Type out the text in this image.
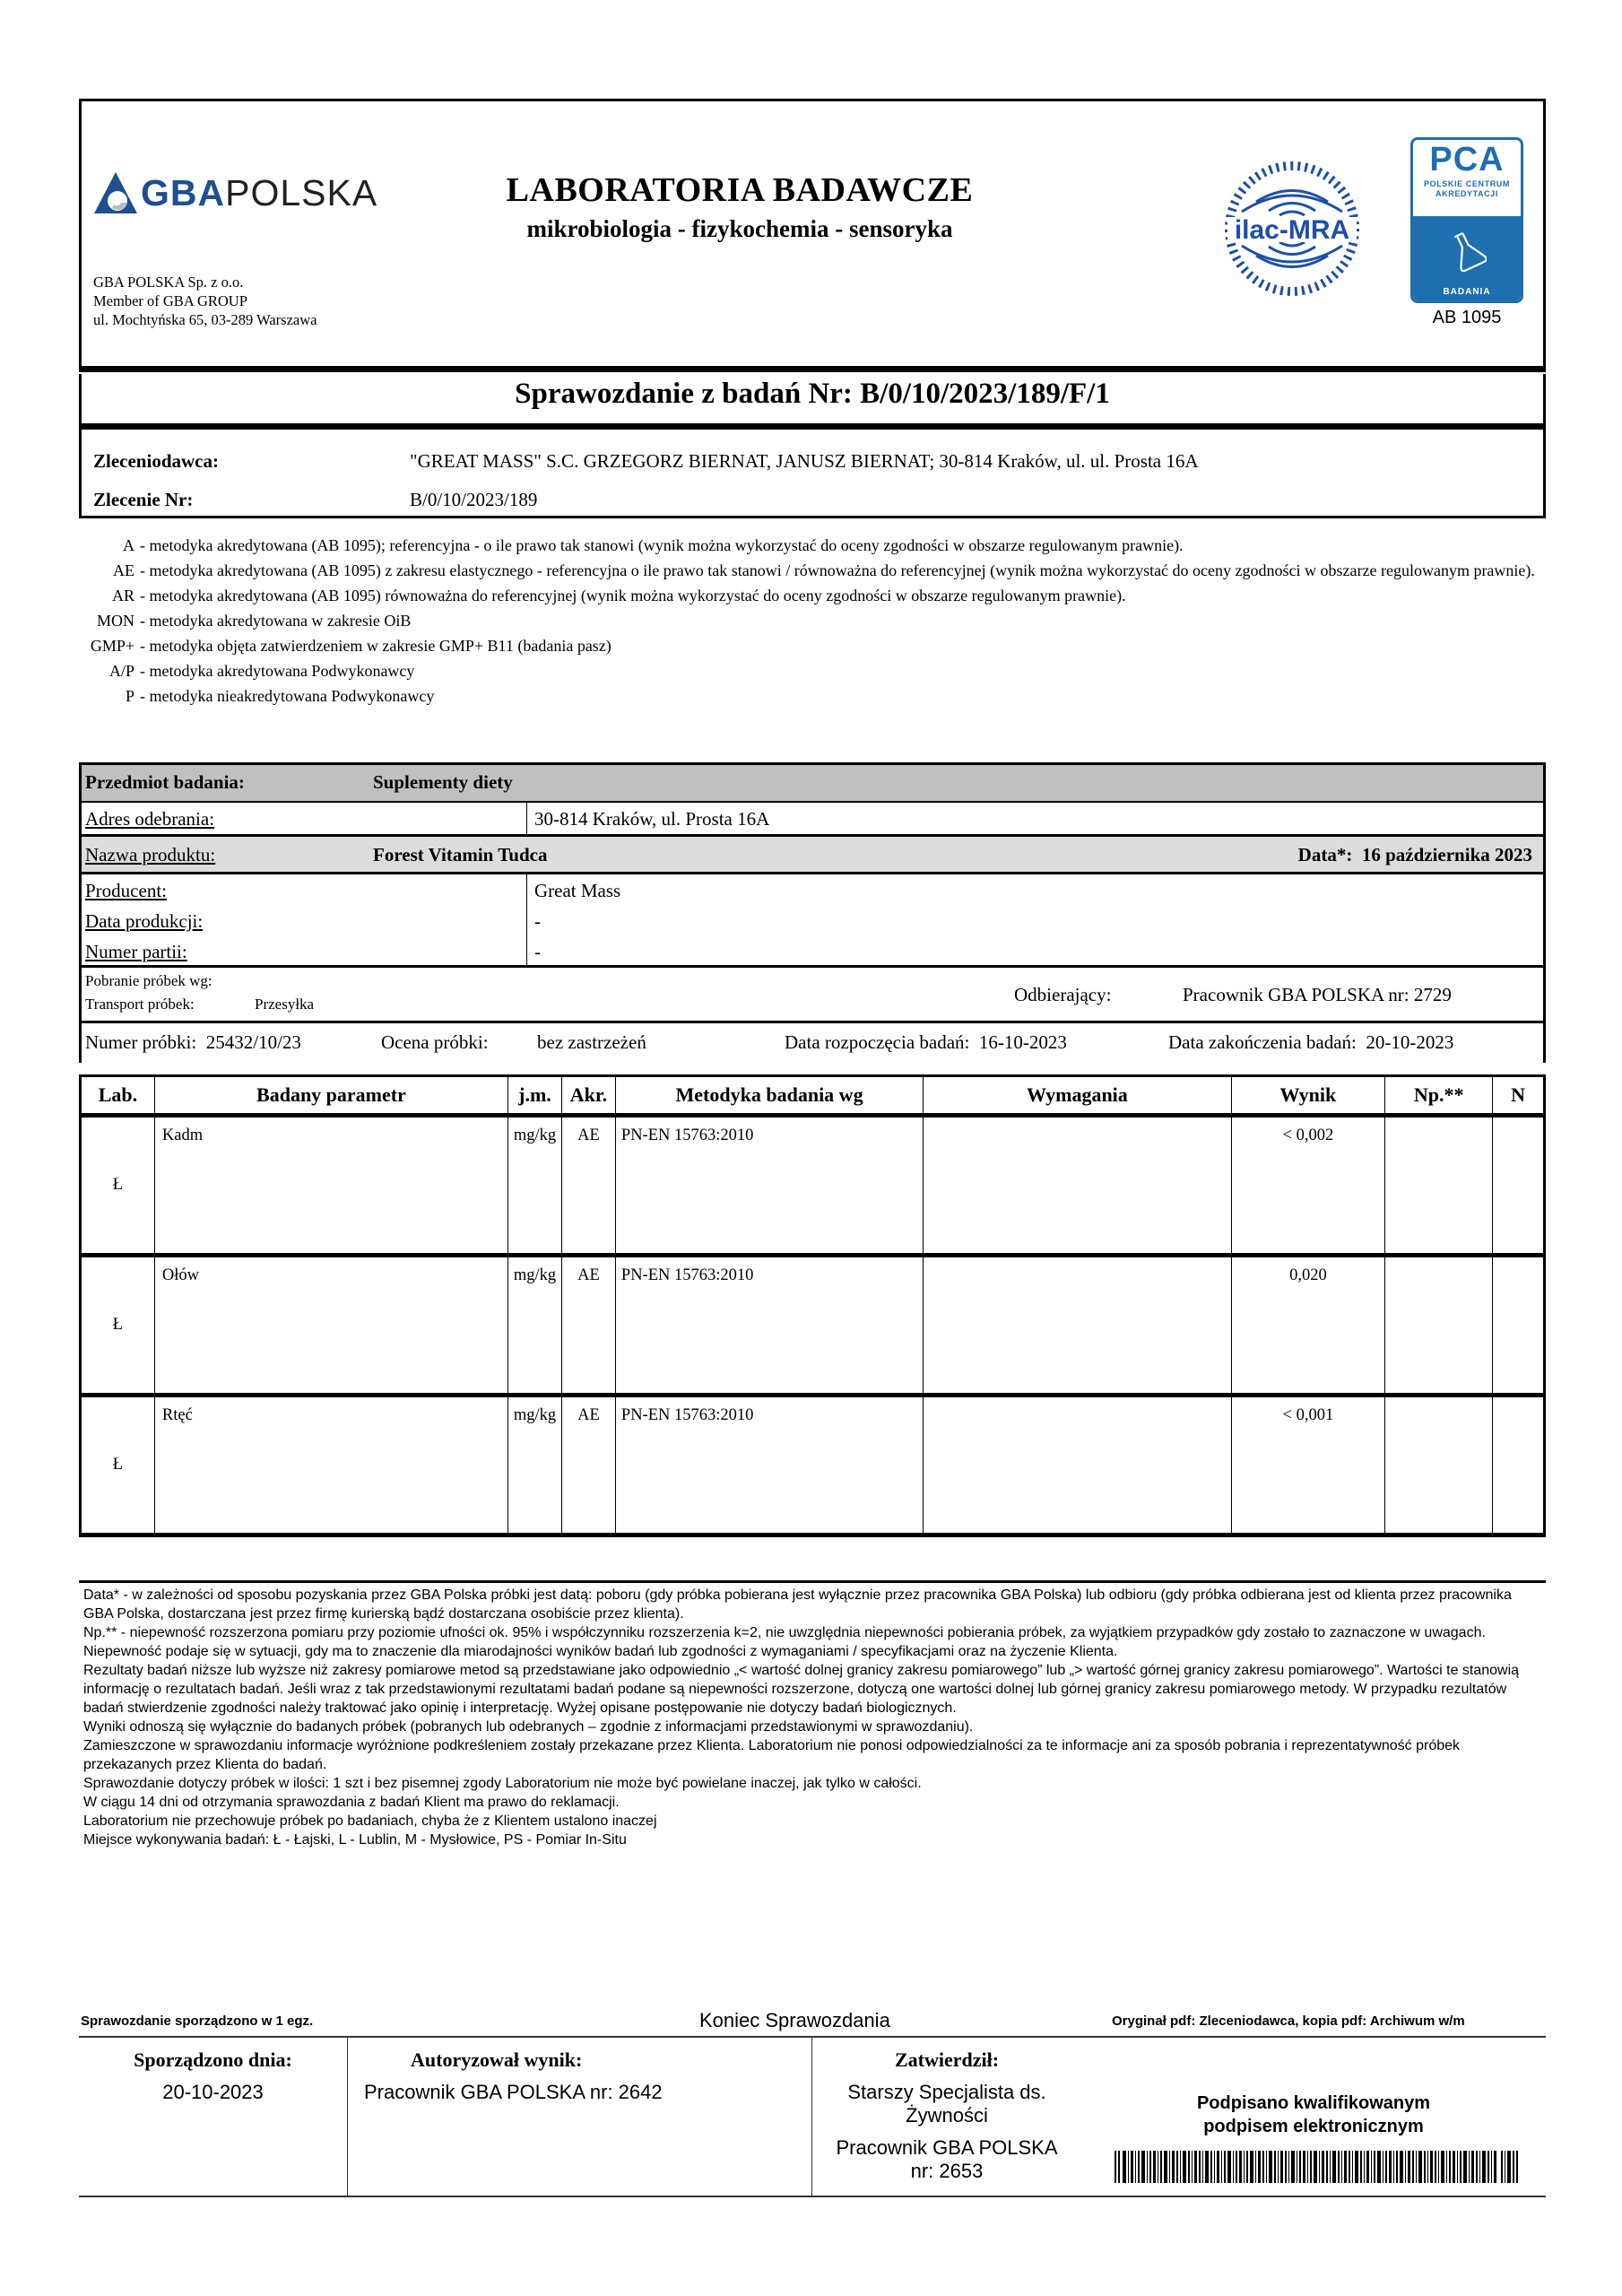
GBAPOLSKA
GBA POLSKA Sp. z o.o.
Member of GBA GROUP
ul. Mochtyńska 65, 03-289 Warszawa
LABORATORIA BADAWCZE
mikrobiologia - fizykochemia - sensoryka	ilac-MRA
PCA
POLSKIE CENTRUM
AKREDYTACJI
BADANIA
AB 1095
Sprawozdanie z badań Nr: B/0/10/2023/189/F/1
Zleceniodawca:	"GREAT MASS" S.C. GRZEGORZ BIERNAT, JANUSZ BIERNAT; 30-814 Kraków, ul. ul. Prosta 16A
Zlecenie Nr:	B/0/10/2023/189
A - metodyka akredytowana (AB 1095); referencyjna - o ile prawo tak stanowi (wynik można wykorzystać do oceny zgodności w obszarze regulowanym prawnie).
AE - metodyka akredytowana (AB 1095) z zakresu elastycznego - referencyjna o ile prawo tak stanowi / równoważna do referencyjnej (wynik można wykorzystać do oceny zgodności w obszarze regulowanym prawnie).
AR - metodyka akredytowana (AB 1095) równoważna do referencyjnej (wynik można wykorzystać do oceny zgodności w obszarze regulowanym prawnie).
MON - metodyka akredytowana w zakresie OiB
GMP+ - metodyka objęta zatwierdzeniem w zakresie GMP+ B11 (badania pasz)
A/P - metodyka akredytowana Podwykonawcy
P - metodyka nieakredytowana Podwykonawcy
Przedmiot badania:	Suplementy diety
Adres odebrania:	30-814 Kraków, ul. Prosta 16A
Nazwa produktu:	Forest Vitamin Tudca	Data*: 16 października 2023
Producent:	Great Mass
Data produkcji:	-
Numer partii:	-
Pobranie próbek wg:
Transport próbek:	Przesyłka	Odbierający:	Pracownik GBA POLSKA nr: 2729
Numer próbki: 25432/10/23	Ocena próbki:	bez zastrzeżeń	Data rozpoczęcia badań: 16-10-2023	Data zakończenia badań: 20-10-2023
Lab.	Badany parametr	j.m.	Akr.	Metodyka badania wg	Wymagania	Wynik	Np.**	N
Ł	Kadm	mg/kg	AE	PN-EN 15763:2010		< 0,002		
Ł	Ołów	mg/kg	AE	PN-EN 15763:2010		0,020		
Ł	Rtęć	mg/kg	AE	PN-EN 15763:2010		< 0,001		
Data* - w zależności od sposobu pozyskania przez GBA Polska próbki jest datą: poboru (gdy próbka pobierana jest wyłącznie przez pracownika GBA Polska) lub odbioru (gdy próbka odbierana jest od klienta przez pracownika GBA Polska, dostarczana jest przez firmę kurierską bądź dostarczana osobiście przez klienta).
Np.** - niepewność rozszerzona pomiaru przy poziomie ufności ok. 95% i współczynniku rozszerzenia k=2, nie uwzględnia niepewności pobierania próbek, za wyjątkiem przypadków gdy zostało to zaznaczone w uwagach.
Niepewność podaje się w sytuacji, gdy ma to znaczenie dla miarodajności wyników badań lub zgodności z wymaganiami / specyfikacjami oraz na życzenie Klienta.
Rezultaty badań niższe lub wyższe niż zakresy pomiarowe metod są przedstawiane jako odpowiednio „< wartość dolnej granicy zakresu pomiarowego” lub „> wartość górnej granicy zakresu pomiarowego”. Wartości te stanowią informację o rezultatach badań. Jeśli wraz z tak przedstawionymi rezultatami badań podane są niepewności rozszerzone, dotyczą one wartości dolnej lub górnej granicy zakresu pomiarowego metody. W przypadku rezultatów badań stwierdzenie zgodności należy traktować jako opinię i interpretację. Wyżej opisane postępowanie nie dotyczy badań biologicznych.
Wyniki odnoszą się wyłącznie do badanych próbek (pobranych lub odebranych – zgodnie z informacjami przedstawionymi w sprawozdaniu).
Zamieszczone w sprawozdaniu informacje wyróżnione podkreśleniem zostały przekazane przez Klienta. Laboratorium nie ponosi odpowiedzialności za te informacje ani za sposób pobrania i reprezentatywność próbek przekazanych przez Klienta do badań.
Sprawozdanie dotyczy próbek w ilości: 1 szt i bez pisemnej zgody Laboratorium nie może być powielane inaczej, jak tylko w całości.
W ciągu 14 dni od otrzymania sprawozdania z badań Klient ma prawo do reklamacji.
Laboratorium nie przechowuje próbek po badaniach, chyba że z Klientem ustalono inaczej
Miejsce wykonywania badań: Ł - Łajski, L - Lublin, M - Mysłowice, PS - Pomiar In-Situ
Sprawozdanie sporządzono w 1 egz.	Koniec Sprawozdania	Oryginał pdf: Zleceniodawca, kopia pdf: Archiwum w/m
Sporządzono dnia:
20-10-2023
Autoryzował wynik:
Pracownik GBA POLSKA nr: 2642
Zatwierdził:
Starszy Specjalista ds. Żywności
Pracownik GBA POLSKA nr: 2653
Podpisano kwalifikowanym podpisem elektronicznym
